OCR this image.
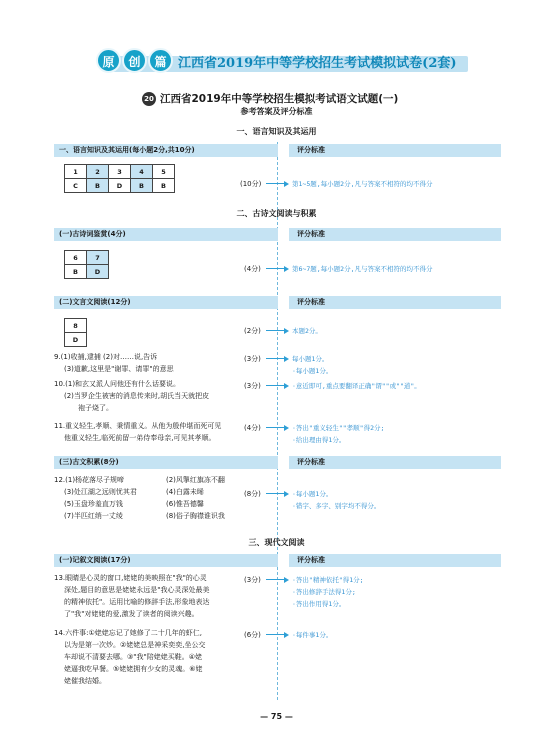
原	创	篇 江西省2019年中等学校招生考试模拟试卷(2套)
20 江西省2019年中等学校招生模拟考试语文试题(一)
参考答案及评分标准
一、语言知识及其运用
一、语言知识及其运用(每小题2分,共10分)	评分标准
1	2	3	4	5
C	B	D	B	B	(10分)	第1~5题,每小题2分,凡与答案不相符的均不得分
二、古诗文阅读与积累
(一)古诗词鉴赏(4分)	评分标准
6	7
B	D	(4分)	第6~7题,每小题2分,凡与答案不相符的均不得分
(二)文言文阅读(12分)	评分标准
8
D
(2分)	本题2分。
9.(1)收捕,逮捕 (2)对……说,告诉
(3)道歉,这里是"谢罪、请罪"的意思
(3分)	每小题1分。
·每小题1分。
10.(1)和玄又派人问他还有什么话要说。
(2)当罗企生被害的消息传来时,胡氏当天就把皮
袍子烧了。
(3分)	·意近即可,重点要翻译正确"谓""或""道"。
11.重义轻生,孝顺、秉情重义。从他为殷仲堪而死可见
他重义轻生,临死前留一弟侍奉母亲,可见其孝顺。
(4分)	·答出"重义轻生""孝顺"得2分;
·给出理由得1分。
(三)古文积累(8分)	评分标准
12.(1)杨花落尽子规啼	(2)风掣红旗冻不翻
(3)处江湖之远则忧其君	(4)白露未晞
(5)玉盘珍羞直万钱	(6)惟吾德馨
(7)半匹红绡一丈绫	(8)俗子胸襟谁识我
(8分)	·每小题1分。
·错字、多字、别字均不得分。
三、现代文阅读
(一)记叙文阅读(17分)	评分标准
13.眼睛是心灵的窗口,姥姥的美映照在"我"的心灵
深处,题目的意思是姥姥永远是"我心灵深处最美
的精神依托"。运用比喻的修辞手法,形象地表达
了"我"对姥姥的爱,激发了读者的阅读兴趣。
(3分)	·答出"精神依托"得1分;
·答出修辞手法得1分;
·答出作用得1分。
14.六件事:①姥姥忘记了她修了二十几年的虾仁,
以为是第一次炒。②姥姥总是神采奕奕,坐公交
车却说不清要去哪。③"我"陪姥姥买鞋。④姥
姥逼我吃早餐。⑤姥姥拥有少女的灵魂。⑥姥
姥催我结婚。
(6分)	·每件事1分。
— 75 —
